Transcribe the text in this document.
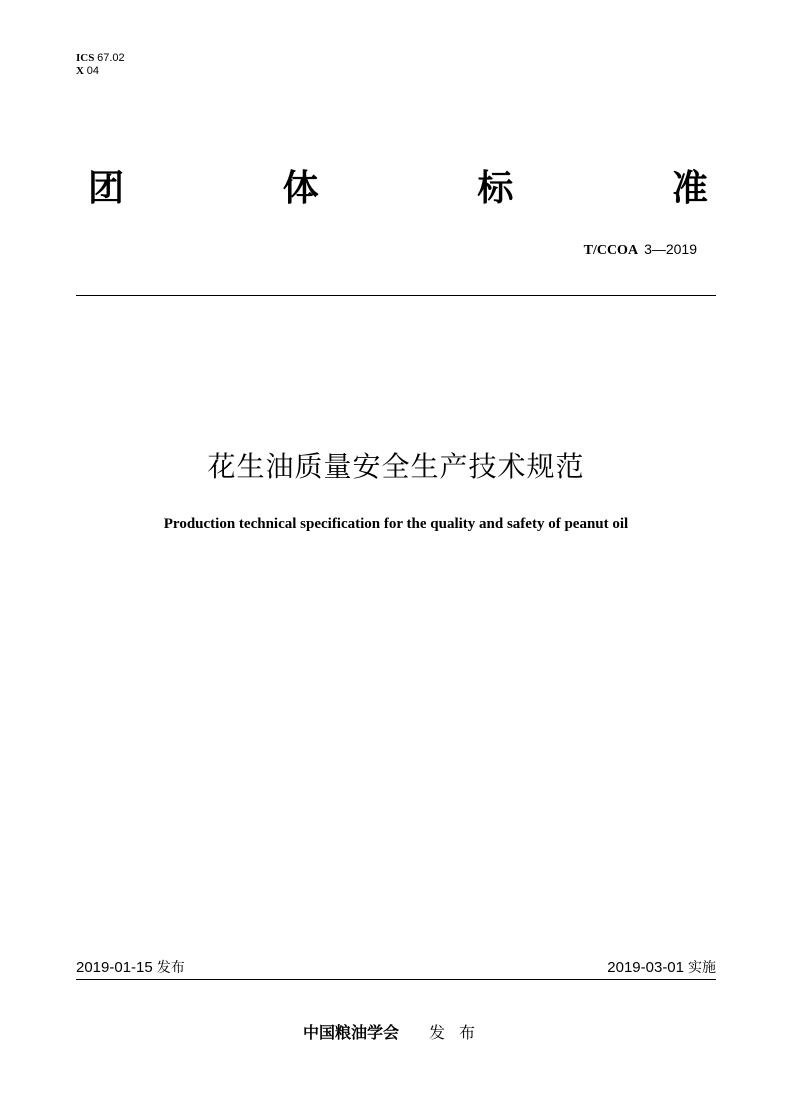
ICS 67.02
X 04
团	体	标	准
T/CCOA 3—2019
花生油质量安全生产技术规范
Production technical specification for the quality and safety of peanut oil
2019-01-15 发布	2019-03-01 实施
中国粮油学会 发布
